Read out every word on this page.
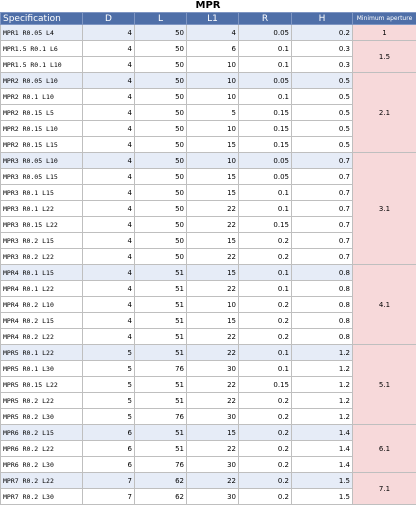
MPR
Specification	D	L	L1	R	H	Minimum aperture
MPR1 R0.05 L4	4	50	4	0.05	0.2	1
MPR1.5 R0.1 L6	4	50	6	0.1	0.3	1.5
MPR1.5 R0.1 L10	4	50	10	0.1	0.3	
MPR2 R0.05 L10	4	50	10	0.05	0.5	2.1
MPR2 R0.1 L10	4	50	10	0.1	0.5	
MPR2 R0.15 L5	4	50	5	0.15	0.5	
MPR2 R0.15 L10	4	50	10	0.15	0.5	
MPR2 R0.15 L15	4	50	15	0.15	0.5	
MPR3 R0.05 L10	4	50	10	0.05	0.7	3.1
MPR3 R0.05 L15	4	50	15	0.05	0.7	
MPR3 R0.1 L15	4	50	15	0.1	0.7	
MPR3 R0.1 L22	4	50	22	0.1	0.7	
MPR3 R0.15 L22	4	50	22	0.15	0.7	
MPR3 R0.2 L15	4	50	15	0.2	0.7	
MPR3 R0.2 L22	4	50	22	0.2	0.7	
MPR4 R0.1 L15	4	51	15	0.1	0.8	4.1
MPR4 R0.1 L22	4	51	22	0.1	0.8	
MPR4 R0.2 L10	4	51	10	0.2	0.8	
MPR4 R0.2 L15	4	51	15	0.2	0.8	
MPR4 R0.2 L22	4	51	22	0.2	0.8	
MPR5 R0.1 L22	5	51	22	0.1	1.2	5.1
MPR5 R0.1 L30	5	76	30	0.1	1.2	
MPR5 R0.15 L22	5	51	22	0.15	1.2	
MPR5 R0.2 L22	5	51	22	0.2	1.2	
MPR5 R0.2 L30	5	76	30	0.2	1.2	
MPR6 R0.2 L15	6	51	15	0.2	1.4	6.1
MPR6 R0.2 L22	6	51	22	0.2	1.4	
MPR6 R0.2 L30	6	76	30	0.2	1.4	
MPR7 R0.2 L22	7	62	22	0.2	1.5	7.1
MPR7 R0.2 L30	7	62	30	0.2	1.5	
